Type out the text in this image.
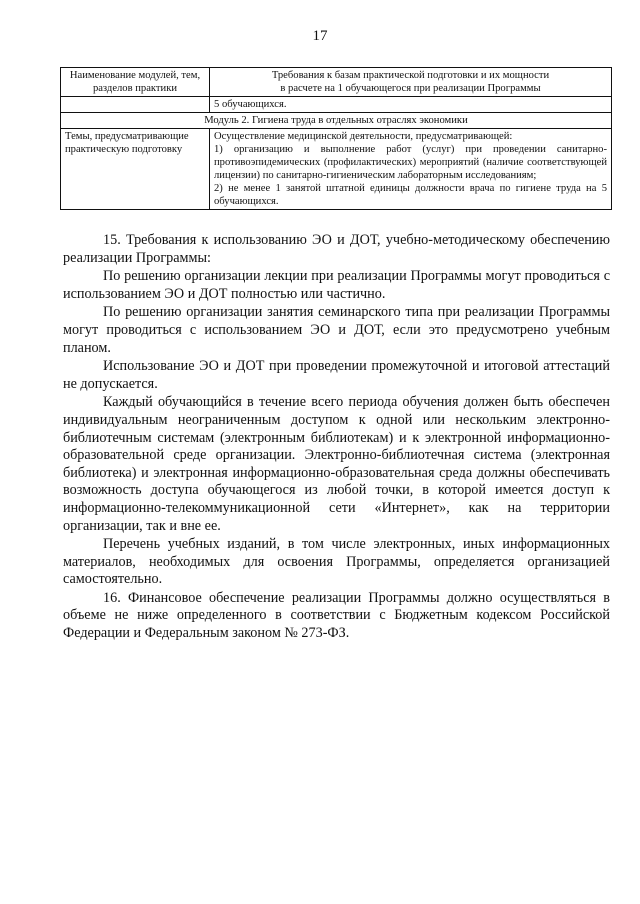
17
Наименование модулей, тем, разделов практики	Требования к базам практической подготовки и их мощности
в расчете на 1 обучающегося при реализации Программы

	5 обучающихся.
Модуль 2. Гигиена труда в отдельных отраслях экономики	
Темы, предусматривающие практическую подготовку	Осуществление медицинской деятельности, предусматривающей:
1) организацию и выполнение работ (услуг) при проведении санитарно-противоэпидемических (профилактических) мероприятий (наличие соответствующей лицензии) по санитарно-гигиеническим лабораторным исследованиям;
2) не менее 1 занятой штатной единицы должности врача по гигиене труда на 5 обучающихся.

15. Требования к использованию ЭО и ДОТ, учебно-методическому обеспечению реализации Программы:

По решению организации лекции при реализации Программы могут проводиться с использованием ЭО и ДОТ полностью или частично.

По решению организации занятия семинарского типа при реализации Программы могут проводиться с использованием ЭО и ДОТ, если это предусмотрено учебным планом.

Использование ЭО и ДОТ при проведении промежуточной и итоговой аттестаций не допускается.

Каждый обучающийся в течение всего периода обучения должен быть обеспечен индивидуальным неограниченным доступом к одной или нескольким электронно-библиотечным системам (электронным библиотекам) и к электронной информационно-образовательной среде организации. Электронно-библиотечная система (электронная библиотека) и электронная информационно-образовательная среда должны обеспечивать возможность доступа обучающегося из любой точки, в которой имеется доступ к информационно-телекоммуникационной сети «Интернет», как на территории организации, так и вне ее.

Перечень учебных изданий, в том числе электронных, иных информационных материалов, необходимых для освоения Программы, определяется организацией самостоятельно.

16. Финансовое обеспечение реализации Программы должно осуществляться в объеме не ниже определенного в соответствии с Бюджетным кодексом Российской Федерации и Федеральным законом № 273-ФЗ.
